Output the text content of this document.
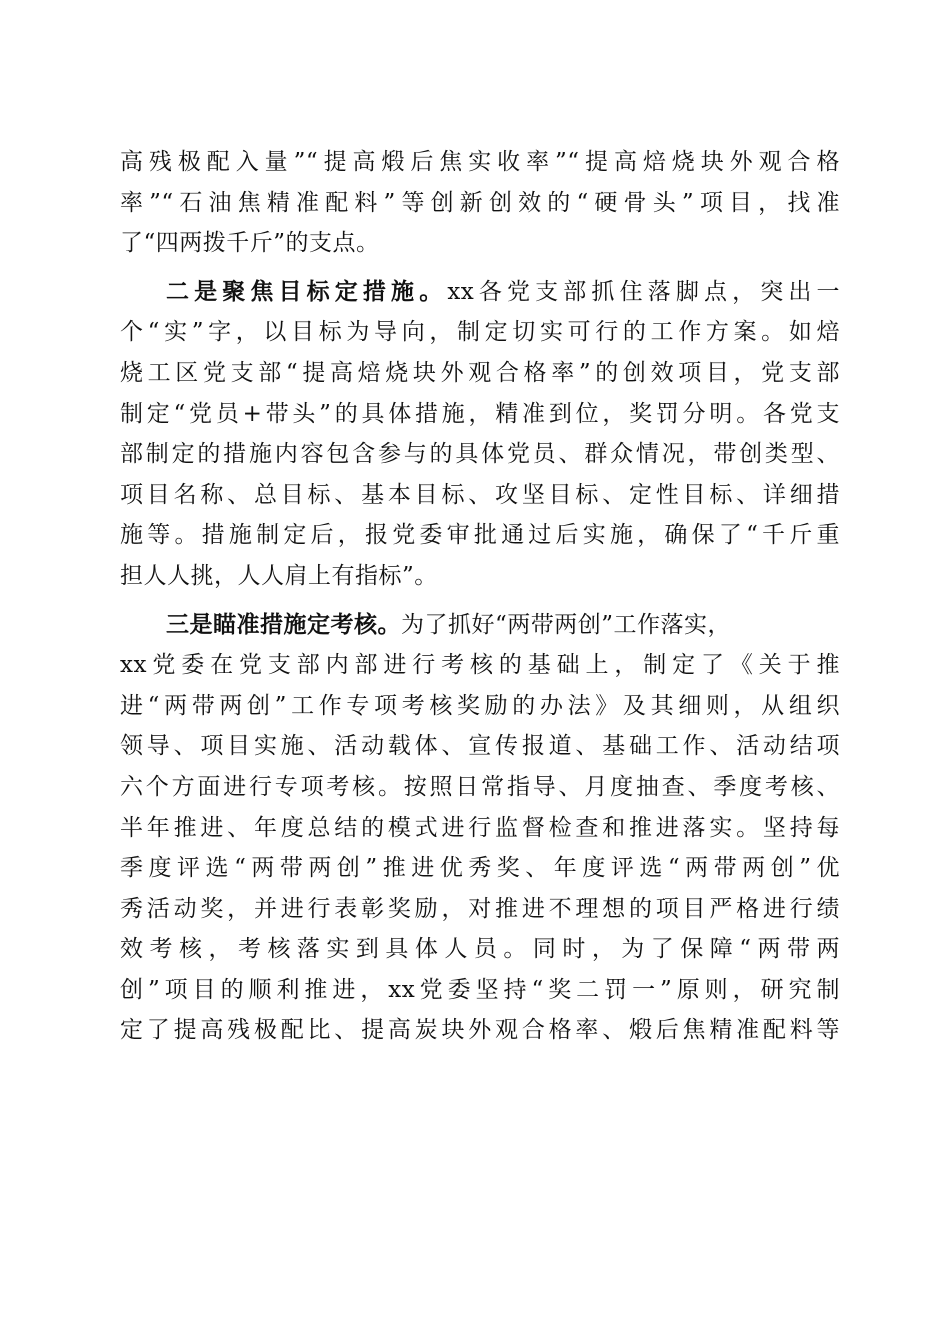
高残极配入量”“提高煅后焦实收率”“提高焙烧块外观合格
率”“石油焦精准配料”等创新创效的“硬骨头”项目，找准
了“四两拨千斤”的支点。
二是聚焦目标定措施。xx各党支部抓住落脚点，突出一
个“实”字，以目标为导向，制定切实可行的工作方案。如焙
烧工区党支部“提高焙烧块外观合格率”的创效项目，党支部
制定“党员+带头”的具体措施，精准到位，奖罚分明。各党支
部制定的措施内容包含参与的具体党员、群众情况，带创类型、
项目名称、总目标、基本目标、攻坚目标、定性目标、详细措
施等。措施制定后，报党委审批通过后实施，确保了“千斤重
担人人挑，人人肩上有指标”。
三是瞄准措施定考核。为了抓好“两带两创”工作落实，
xx党委在党支部内部进行考核的基础上，制定了《关于推
进“两带两创”工作专项考核奖励的办法》及其细则，从组织
领导、项目实施、活动载体、宣传报道、基础工作、活动结项
六个方面进行专项考核。按照日常指导、月度抽查、季度考核、
半年推进、年度总结的模式进行监督检查和推进落实。坚持每
季度评选“两带两创”推进优秀奖、年度评选“两带两创”优
秀活动奖，并进行表彰奖励，对推进不理想的项目严格进行绩
效考核，考核落实到具体人员。同时，为了保障“两带两
创”项目的顺利推进，xx党委坚持“奖二罚一”原则，研究制
定了提高残极配比、提高炭块外观合格率、煅后焦精准配料等
